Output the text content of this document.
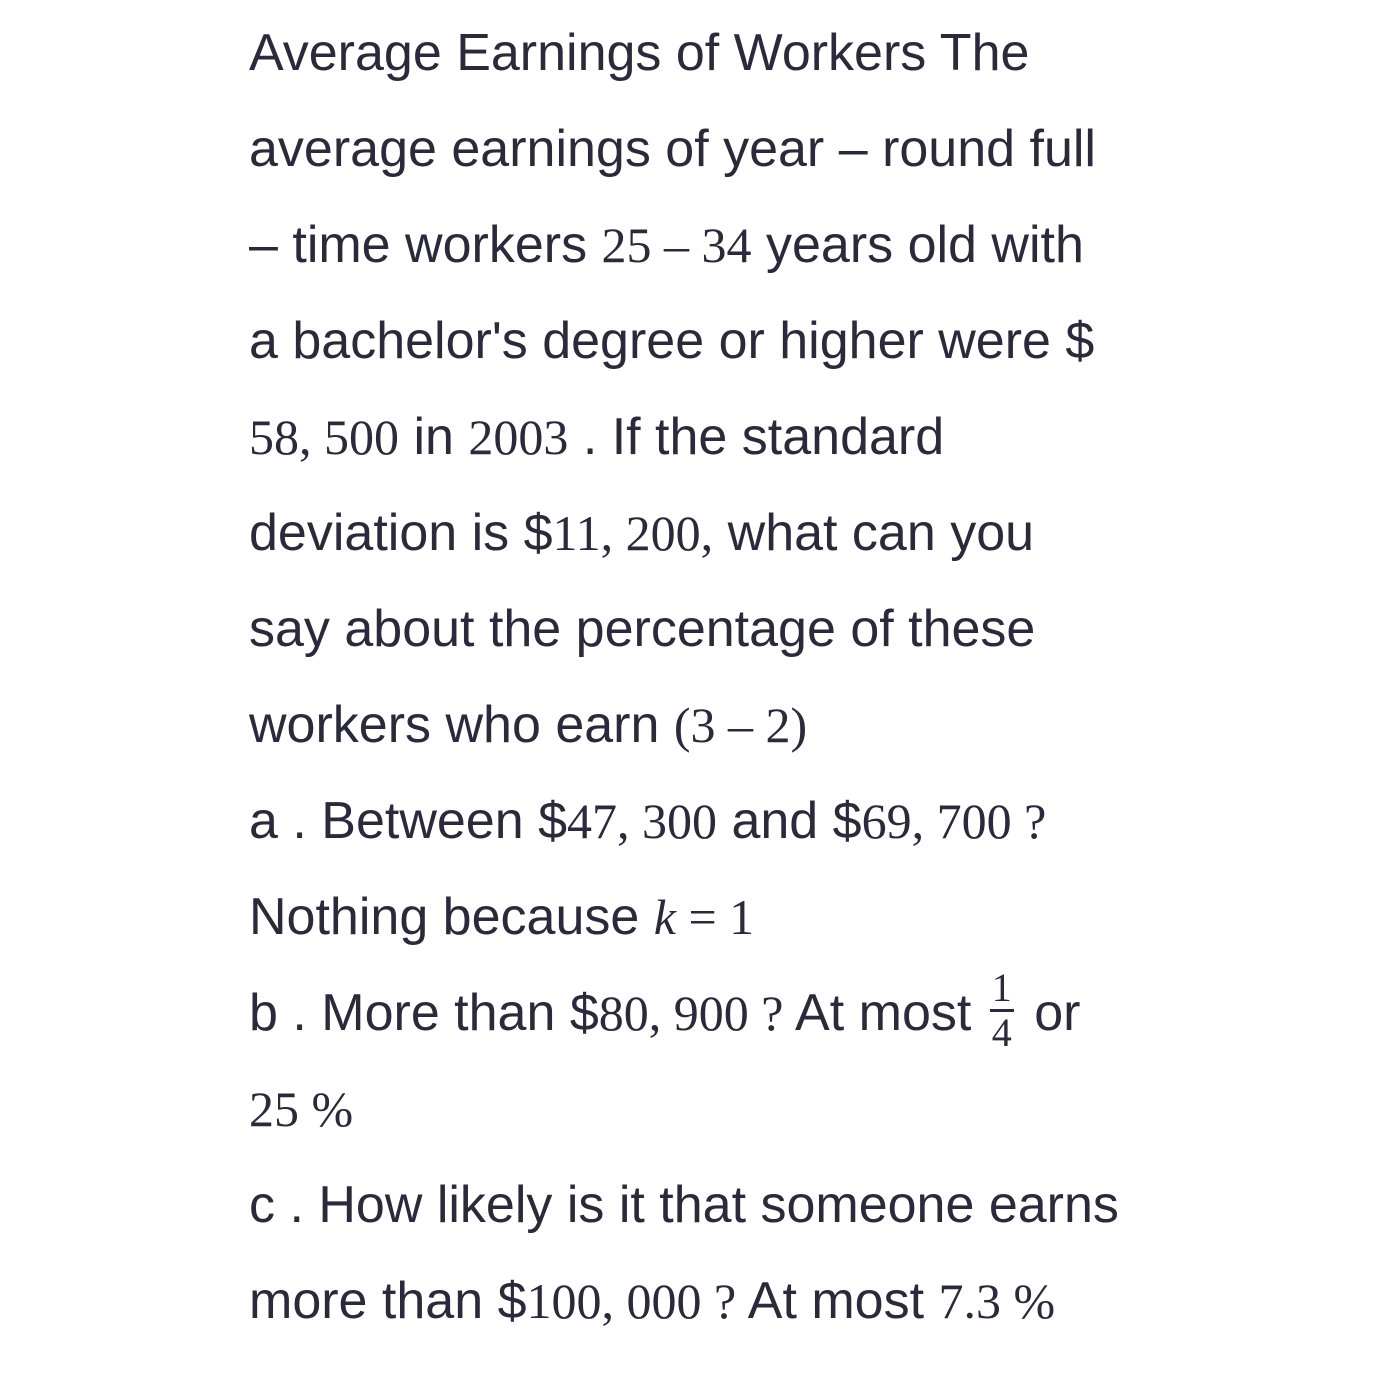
Average Earnings of Workers The
average earnings of year – round full
– time workers 25 – 34 years old with
a bachelor's degree or higher were $
58, 500 in 2003 . If the standard
deviation is $11, 200, what can you
say about the percentage of these
workers who earn (3 – 2)
a . Between $47, 300 and $69, 700 ?
Nothing because k = 1
b . More than $80, 900 ? At most $\frac{1}{4}$ or
25 %
c . How likely is it that someone earns
more than $100, 000 ? At most 7.3 %
